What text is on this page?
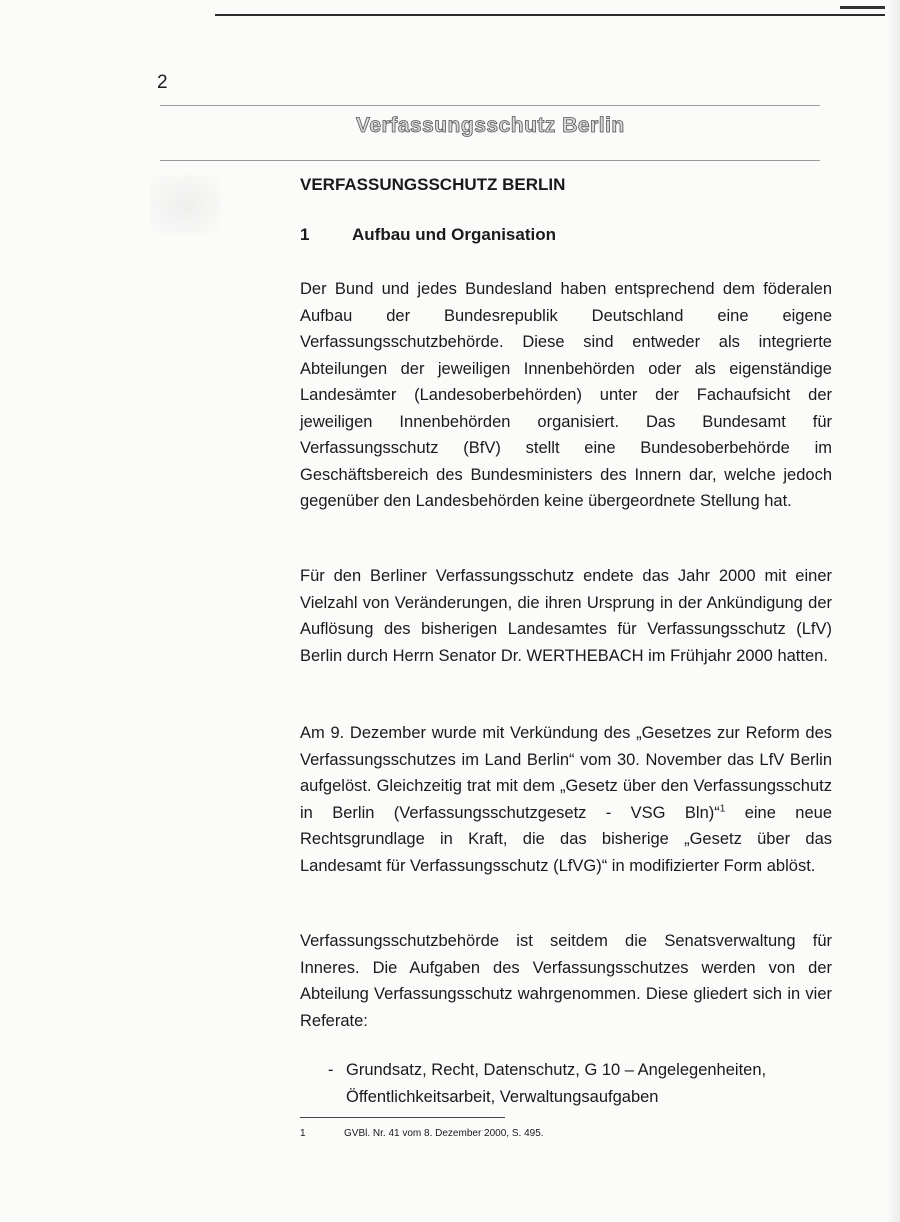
2
Verfassungsschutz Berlin
VERFASSUNGSSCHUTZ BERLIN
1	Aufbau und Organisation
Der Bund und jedes Bundesland haben entsprechend dem föderalen Aufbau der Bundesrepublik Deutschland eine eigene Verfassungsschutzbehörde. Diese sind entweder als integrierte Abteilungen der jeweiligen Innenbehörden oder als eigenständige Landesämter (Landesoberbehörden) unter der Fachaufsicht der jeweiligen Innenbehörden organisiert. Das Bundesamt für Verfassungsschutz (BfV) stellt eine Bundesoberbehörde im Geschäftsbereich des Bundesministers des Innern dar, welche jedoch gegenüber den Landesbehörden keine übergeordnete Stellung hat.
Für den Berliner Verfassungsschutz endete das Jahr 2000 mit einer Vielzahl von Veränderungen, die ihren Ursprung in der Ankündigung der Auflösung des bisherigen Landesamtes für Verfassungsschutz (LfV) Berlin durch Herrn Senator Dr. WERTHEBACH im Frühjahr 2000 hatten.
Am 9. Dezember wurde mit Verkündung des „Gesetzes zur Reform des Verfassungsschutzes im Land Berlin“ vom 30. November das LfV Berlin aufgelöst. Gleichzeitig trat mit dem „Gesetz über den Verfassungsschutz in Berlin (Verfassungsschutzgesetz - VSG Bln)“$^1$ eine neue Rechtsgrundlage in Kraft, die das bisherige „Gesetz über das Landesamt für Verfassungsschutz (LfVG)“ in modifizierter Form ablöst.
Verfassungsschutzbehörde ist seitdem die Senatsverwaltung für Inneres. Die Aufgaben des Verfassungsschutzes werden von der Abteilung Verfassungsschutz wahrgenommen. Diese gliedert sich in vier Referate:
- Grundsatz, Recht, Datenschutz, G 10 – Angelegenheiten, Öffentlichkeitsarbeit, Verwaltungsaufgaben
1	GVBl. Nr. 41 vom 8. Dezember 2000, S. 495.
